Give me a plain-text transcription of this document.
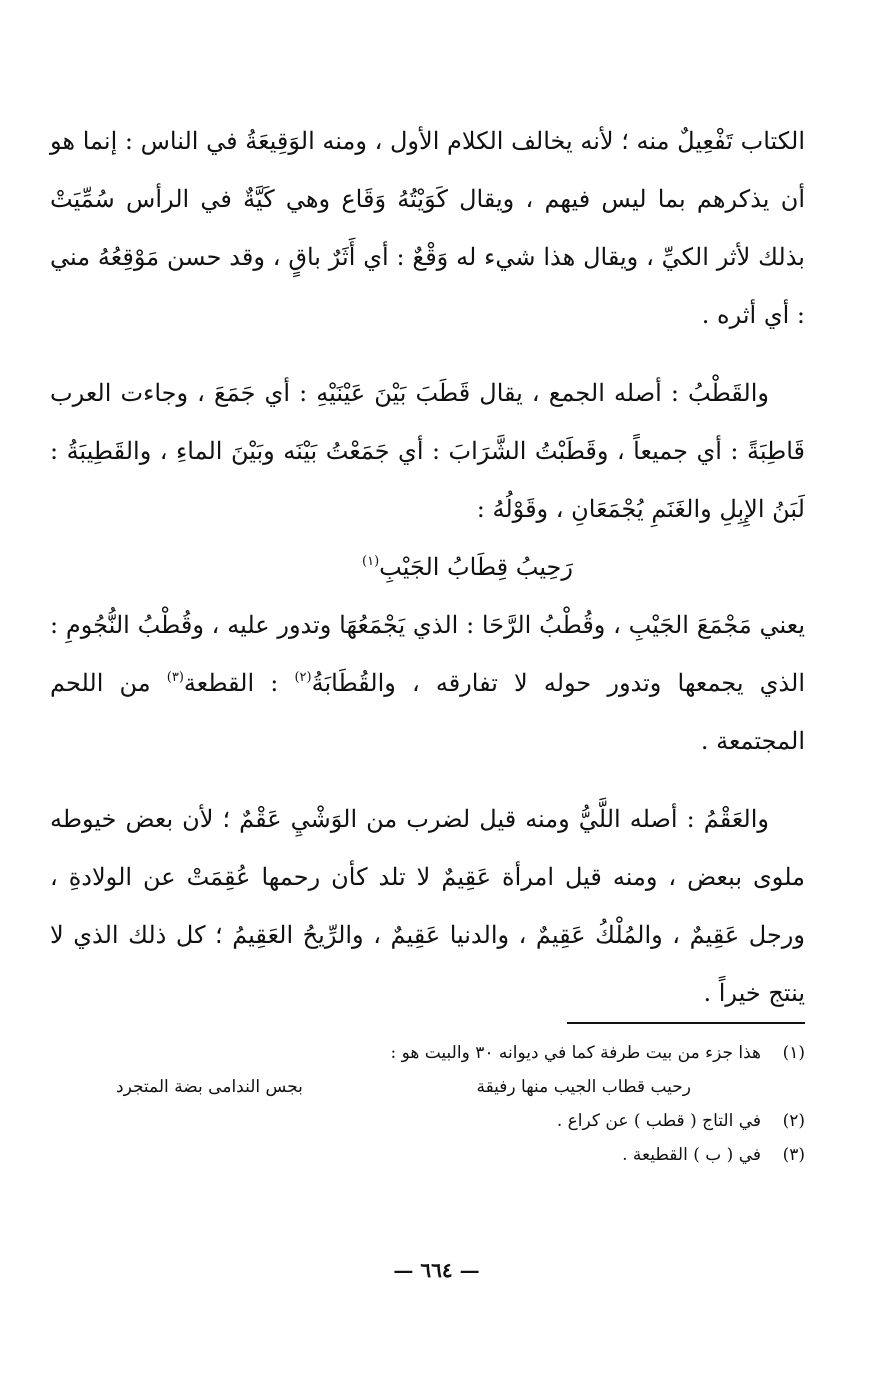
الكتاب تَفْعِيلٌ منه ؛ لأنه يخالف الكلام الأول ، ومنه الوَقِيعَةُ في الناس : إنما هو أن يذكرهم بما ليس فيهم ، ويقال كَوَيْتُهُ وَقَاع وهي كَيَّةٌ في الرأس سُمِّيَتْ بذلك لأثر الكيِّ ، ويقال هذا شيء له وَقْعٌ : أي أَثَرٌ باقٍ ، وقد حسن مَوْقِعُهُ مني : أي أثره .

والقَطْبُ : أصله الجمع ، يقال قَطَبَ بَيْنَ عَيْنَيْهِ : أي جَمَعَ ، وجاءت العرب قَاطِبَةً : أي جميعاً ، وقَطَبْتُ الشَّرَابَ : أي جَمَعْتُ بَيْنَه وبَيْنَ الماءِ ، والقَطِيبَةُ : لَبَنُ الإِبِلِ والغَنَمِ يُجْمَعَانِ ، وقَوْلُهُ :

رَحِيبُ قِطَابُ الجَيْبِ$^{(١)}$

يعني مَجْمَعَ الجَيْبِ ، وقُطْبُ الرَّحَا : الذي يَجْمَعُهَا وتدور عليه ، وقُطْبُ النُّجُومِ : الذي يجمعها وتدور حوله لا تفارقه ، والقُطَابَةُ$^{(٢)}$ : القطعة$^{(٣)}$ من اللحم المجتمعة .

والعَقْمُ : أصله اللَّيُّ ومنه قيل لضرب من الوَشْيِ عَقْمٌ ؛ لأن بعض خيوطه ملوى ببعض ، ومنه قيل امرأة عَقِيمٌ لا تلد كأن رحمها عُقِمَتْ عن الولادةِ ، ورجل عَقِيمٌ ، والمُلْكُ عَقِيمٌ ، والدنيا عَقِيمٌ ، والرِّيحُ العَقِيمُ ؛ كل ذلك الذي لا ينتج خيراً .

(١)
هذا جزء من بيت طرفة كما في ديوانه ٣٠ والبيت هو :
رحيب قطاب الجيب منها رفيقة
بجس الندامى بضة المتجرد
(٢)
في التاج ( قطب ) عن كراع .
(٣)
في ( ب ) القطيعة .
— ٦٦٤ —
